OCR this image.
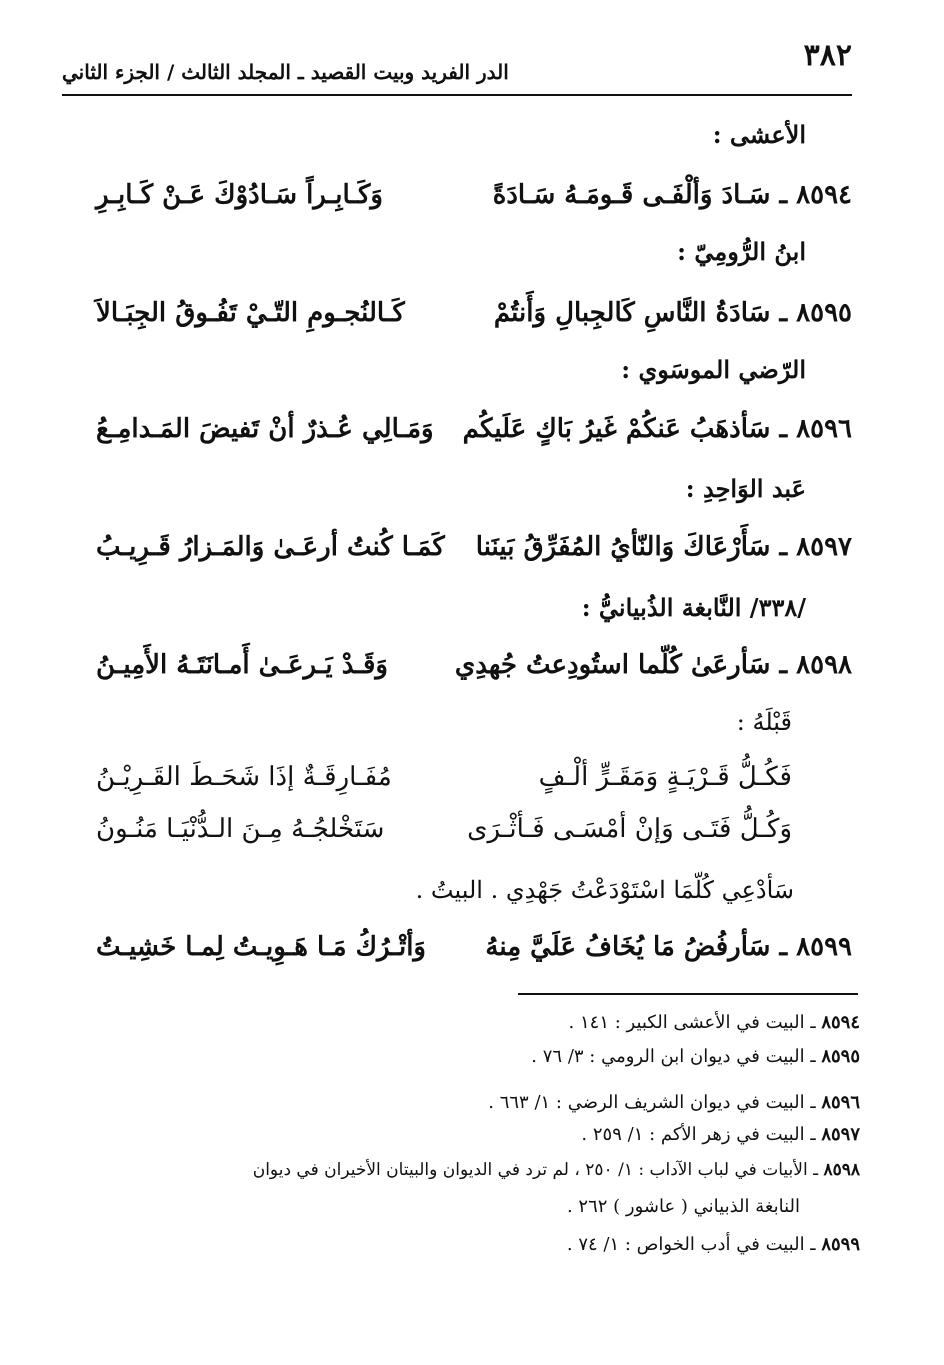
٣٨٢
الدر الفريد وبيت القصيد ـ المجلد الثالث / الجزء الثاني
الأعشى :
٨٥٩٤ ـ سَـادَ وَألْفَـى قَـومَـهُ سَـادَةً
وَكَـابِـراً سَـادُوْكَ عَـنْ كَـابِـرِ
ابنُ الرُّومِيّ :
٨٥٩٥ ـ سَادَةُ النَّاسِ كَالجِبالِ وَأَنتُمْ
كَـالنُجـومِ التّـيْ تَفُـوقُ الجِبَـالاَ
الرّضي الموسَوي :
٨٥٩٦ ـ سَأذهَبُ عَنكُمْ غَيرُ بَاكٍ عَلَيكُم
وَمَـالِي عُـذرٌ أنْ تَفيضَ المَـدامِـعُ
عَبد الوَاحِدِ :
٨٥٩٧ ـ سَأَرْعَاكَ وَالنّأيُ المُفَرِّقُ بَينَنا
كَمَـا كُنتُ أرعَـىٰ وَالمَـزارُ قَـرِيـبُ
/٣٣٨/ النَّابغة الذُبيانيُّ :
٨٥٩٨ ـ سَأرعَىٰ كُلّما استُودِعتُ جُهدِي
وَقَـدْ يَـرعَـىٰ أَمـانَتَـهُ الأَمِيـنُ
قَبْلَهُ :
فَكُـلُّ قَـرْيَـةٍ وَمَقَـرٍّ ألْـفٍ
مُفَـارِقَـةٌ إذَا شَحَـطَ القَـرِيْـنُ
وَكُـلُّ فَتَـى وَإنْ أمْسَـى فَـأثْـرَى
سَتَخْلجُـهُ مِـنَ الـدُّنْيَـا مَنُـونُ
سَأدْعِي كُلّمَا اسْتَوْدَعْتُ جَهْدِي . البيتُ .
٨٥٩٩ ـ سَأرفُضُ مَا يُخَافُ عَلَيَّ مِنهُ
وَأتْـرُكُ مَـا هَـوِيـتُ لِمـا خَشِيـتُ
٨٥٩٤ ـ البيت في الأعشى الكبير : ١٤١ .
٨٥٩٥ ـ البيت في ديوان ابن الرومي : ٣/ ٧٦ .
٨٥٩٦ ـ البيت في ديوان الشريف الرضي : ١/ ٦٦٣ .
٨٥٩٧ ـ البيت في زهر الأكم : ١/ ٢٥٩ .
٨٥٩٨ ـ الأبيات في لباب الآداب : ١/ ٢٥٠ ، لم ترد في الديوان والبيتان الأخيران في ديوان
النابغة الذبياني ( عاشور ) ٢٦٢ .
٨٥٩٩ ـ البيت في أدب الخواص : ١/ ٧٤ .
